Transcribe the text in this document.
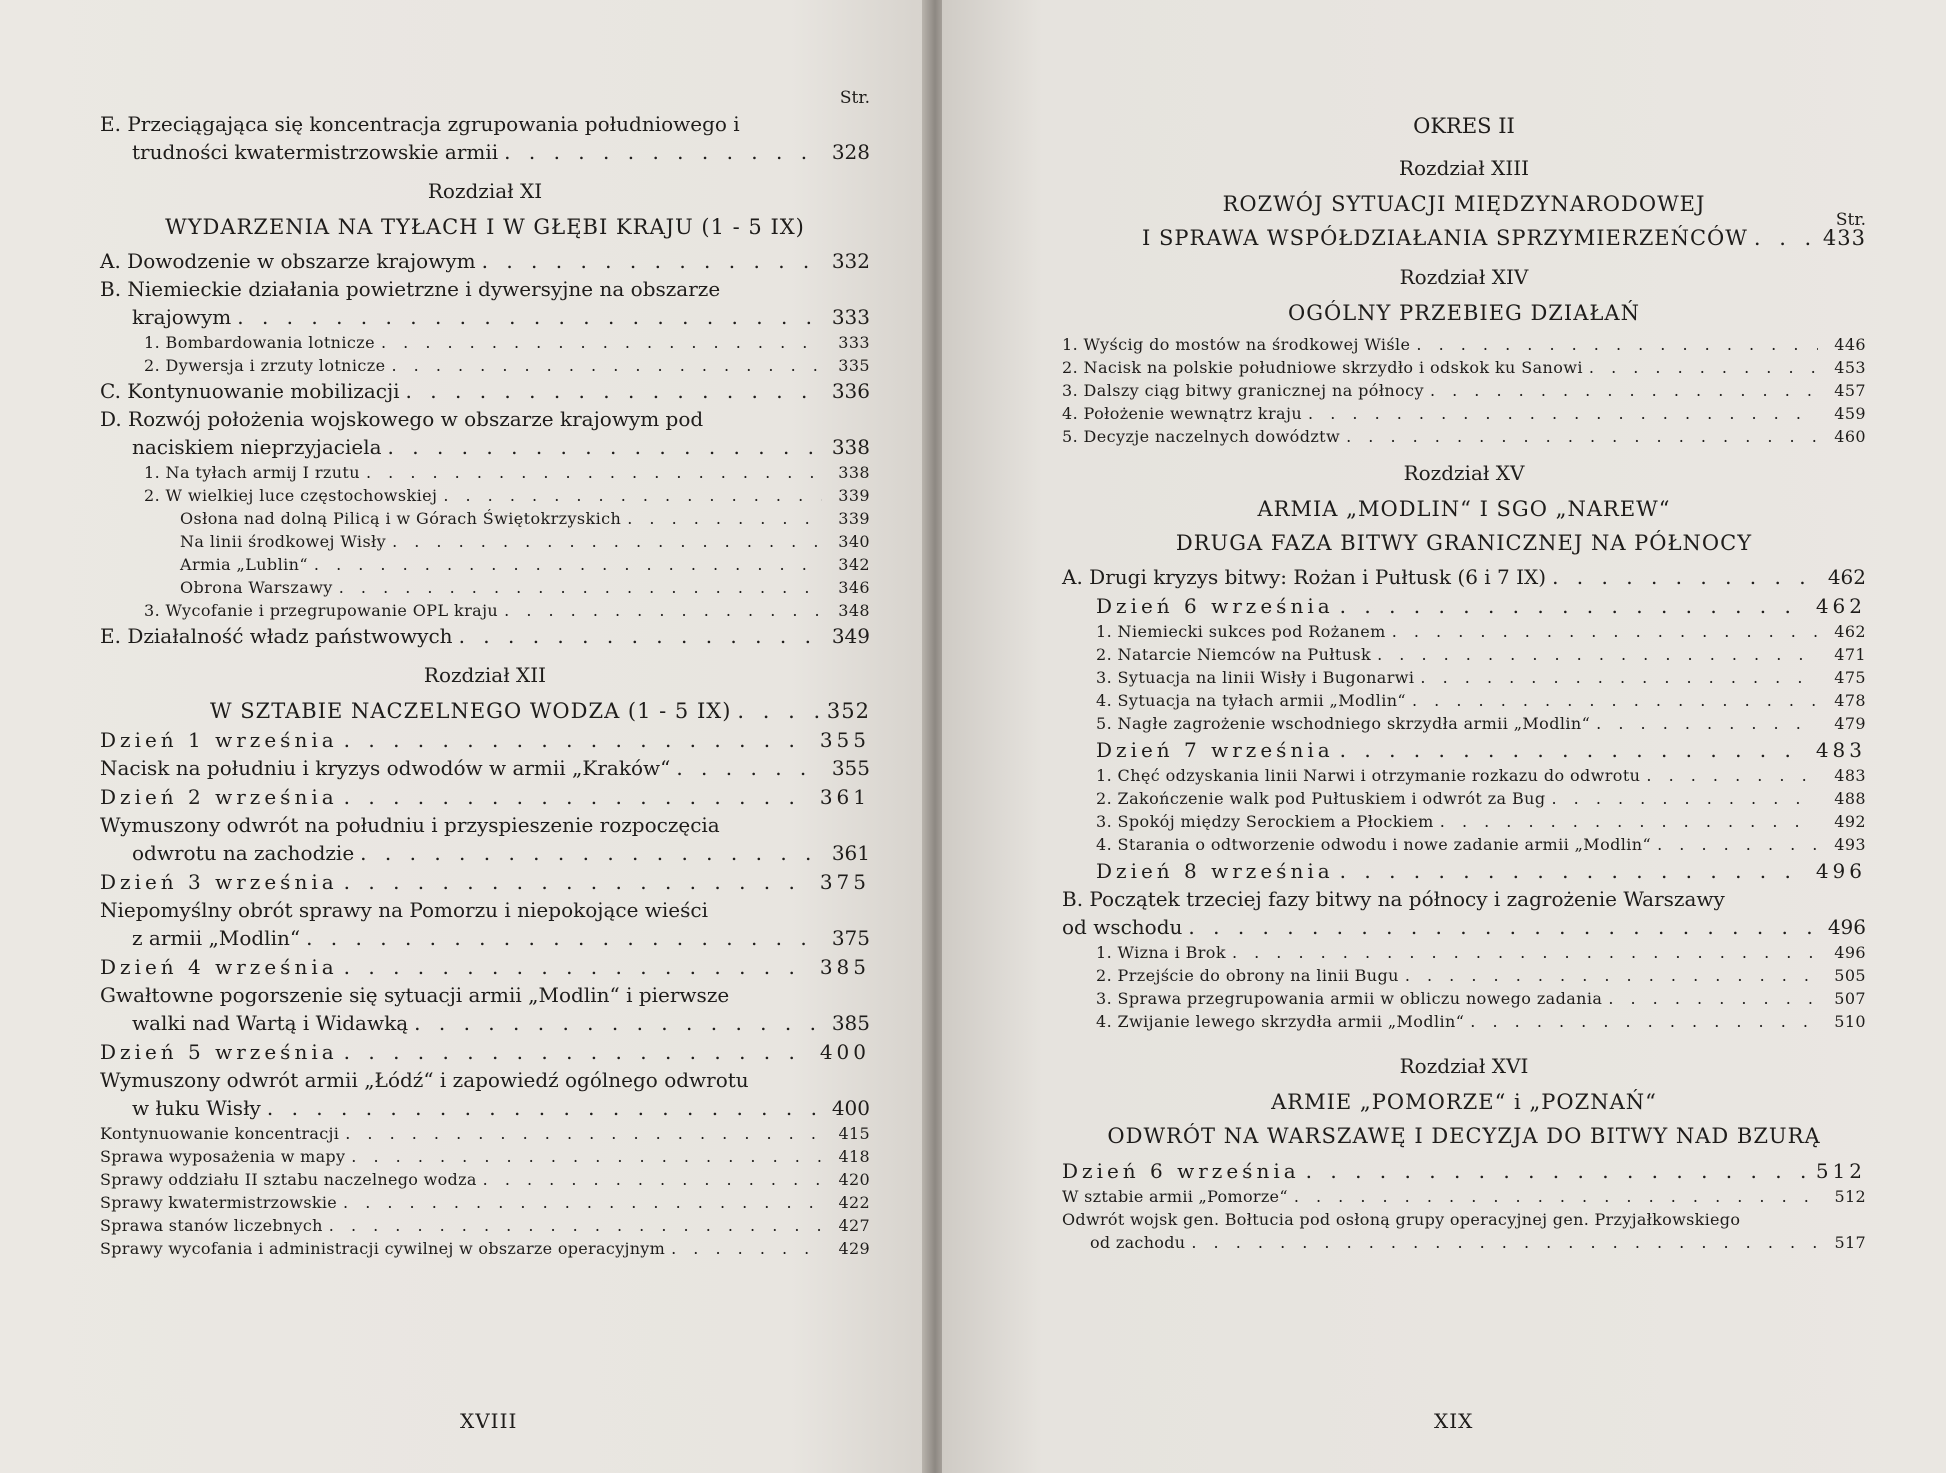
Str.
E. Przeciągająca się koncentracja zgrupowania południowego i
trudności kwatermistrzowskie armii . . .	328
Rozdział XI
WYDARZENIA NA TYŁACH I W GŁĘBI KRAJU (1 - 5 IX)
A. Dowodzenie w obszarze krajowym . . .	332
B. Niemieckie działania powietrzne i dywersyjne na obszarze
krajowym . . .	333
1. Bombardowania lotnicze . . .	333
2. Dywersja i zrzuty lotnicze . . .	335
C. Kontynuowanie mobilizacji . . .	336
D. Rozwój położenia wojskowego w obszarze krajowym pod
naciskiem nieprzyjaciela . . .	338
1. Na tyłach armij I rzutu . . .	338
2. W wielkiej luce częstochowskiej . . .	339
Osłona nad dolną Pilicą i w Górach Świętokrzyskich . . .	339
Na linii środkowej Wisły . . .	340
Armia „Lublin“ . . .	342
Obrona Warszawy . . .	346
3. Wycofanie i przegrupowanie OPL kraju . . .	348
E. Działalność władz państwowych . . .	349
Rozdział XII
W SZTABIE NACZELNEGO WODZA (1 - 5 IX) . . .	352
Dzień 1 września . . .	355
Nacisk na południu i kryzys odwodów w armii „Kraków“ . . .	355
Dzień 2 września . . .	361
Wymuszony odwrót na południu i przyspieszenie rozpoczęcia
odwrotu na zachodzie . . .	361
Dzień 3 września . . .	375
Niepomyślny obrót sprawy na Pomorzu i niepokojące wieści
z armii „Modlin“ . . .	375
Dzień 4 września . . .	385
Gwałtowne pogorszenie się sytuacji armii „Modlin“ i pierwsze
walki nad Wartą i Widawką . . .	385
Dzień 5 września . . .	400
Wymuszony odwrót armii „Łódź“ i zapowiedź ogólnego odwrotu
w łuku Wisły . . .	400
Kontynuowanie koncentracji . . .	415
Sprawa wyposażenia w mapy . . .	418
Sprawy oddziału II sztabu naczelnego wodza . . .	420
Sprawy kwatermistrzowskie . . .	422
Sprawa stanów liczebnych . . .	427
Sprawy wycofania i administracji cywilnej w obszarze operacyjnym . . .	429
XVIII
OKRES II
Rozdział XIII
Str.
ROZWÓJ SYTUACJI MIĘDZYNARODOWEJ
I SPRAWA WSPÓŁDZIAŁANIA SPRZYMIERZEŃCÓW . . .	433
Rozdział XIV
OGÓLNY PRZEBIEG DZIAŁAŃ
1. Wyścig do mostów na środkowej Wiśle . . .	446
2. Nacisk na polskie południowe skrzydło i odskok ku Sanowi . . .	453
3. Dalszy ciąg bitwy granicznej na północy . . .	457
4. Położenie wewnątrz kraju . . .	459
5. Decyzje naczelnych dowództw . . .	460
Rozdział XV
ARMIA „MODLIN“ I SGO „NAREW“
DRUGA FAZA BITWY GRANICZNEJ NA PÓŁNOCY
A. Drugi kryzys bitwy: Rożan i Pułtusk (6 i 7 IX) . . .	462
Dzień 6 września . . .	462
1. Niemiecki sukces pod Rożanem . . .	462
2. Natarcie Niemców na Pułtusk . . .	471
3. Sytuacja na linii Wisły i Bugonarwi . . .	475
4. Sytuacja na tyłach armii „Modlin“ . . .	478
5. Nagłe zagrożenie wschodniego skrzydła armii „Modlin“ . . .	479
Dzień 7 września . . .	483
1. Chęć odzyskania linii Narwi i otrzymanie rozkazu do odwrotu . . .	483
2. Zakończenie walk pod Pułtuskiem i odwrót za Bug . . .	488
3. Spokój między Serockiem a Płockiem . . .	492
4. Starania o odtworzenie odwodu i nowe zadanie armii „Modlin“ . . .	493
Dzień 8 września . . .	496
B. Początek trzeciej fazy bitwy na północy i zagrożenie Warszawy
od wschodu . . .	496
1. Wizna i Brok . . .	496
2. Przejście do obrony na linii Bugu . . .	505
3. Sprawa przegrupowania armii w obliczu nowego zadania . . .	507
4. Zwijanie lewego skrzydła armii „Modlin“ . . .	510
Rozdział XVI
ARMIE „POMORZE“ i „POZNAŃ“
ODWRÓT NA WARSZAWĘ I DECYZJA DO BITWY NAD BZURĄ
Dzień 6 września . . .	512
W sztabie armii „Pomorze“ . . .	512
Odwrót wojsk gen. Bołtucia pod osłoną grupy operacyjnej gen. Przyjałkowskiego
od zachodu . . .	517
XIX
